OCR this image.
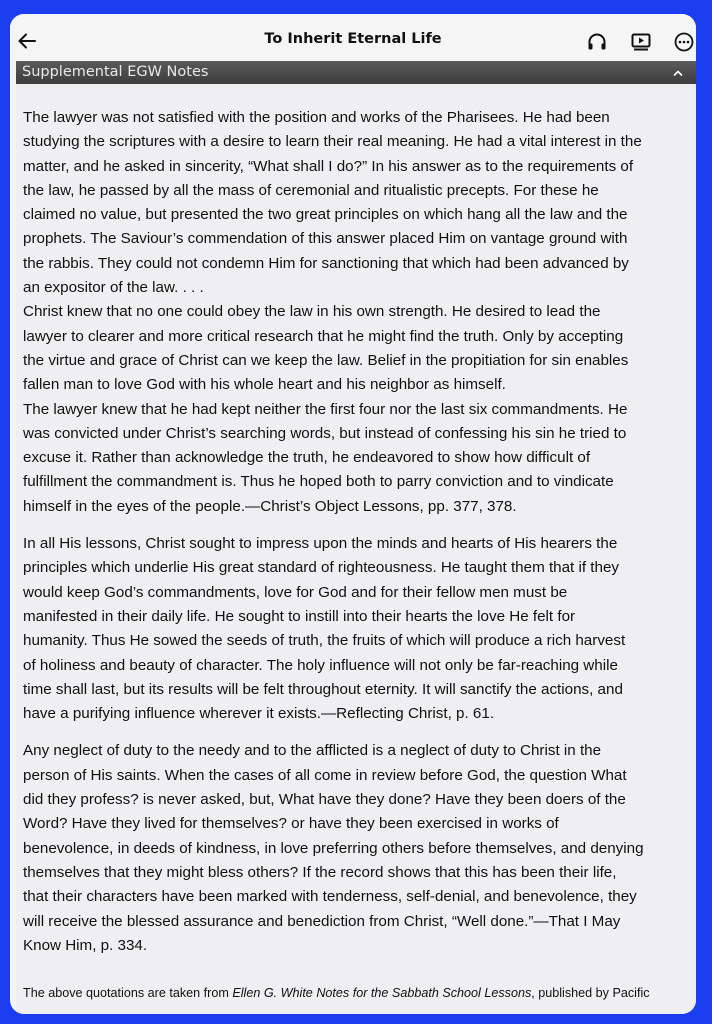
To Inherit Eternal Life
Supplemental EGW Notes

The lawyer was not satisfied with the position and works of the Pharisees. He had been
studying the scriptures with a desire to learn their real meaning. He had a vital interest in the
matter, and he asked in sincerity, “What shall I do?” In his answer as to the requirements of
the law, he passed by all the mass of ceremonial and ritualistic precepts. For these he
claimed no value, but presented the two great principles on which hang all the law and the
prophets. The Saviour’s commendation of this answer placed Him on vantage ground with
the rabbis. They could not condemn Him for sanctioning that which had been advanced by
an expositor of the law. . . .
Christ knew that no one could obey the law in his own strength. He desired to lead the
lawyer to clearer and more critical research that he might find the truth. Only by accepting
the virtue and grace of Christ can we keep the law. Belief in the propitiation for sin enables
fallen man to love God with his whole heart and his neighbor as himself.
The lawyer knew that he had kept neither the first four nor the last six commandments. He
was convicted under Christ’s searching words, but instead of confessing his sin he tried to
excuse it. Rather than acknowledge the truth, he endeavored to show how difficult of
fulfillment the commandment is. Thus he hoped both to parry conviction and to vindicate
himself in the eyes of the people.—Christ’s Object Lessons, pp. 377, 378.

In all His lessons, Christ sought to impress upon the minds and hearts of His hearers the
principles which underlie His great standard of righteousness. He taught them that if they
would keep God’s commandments, love for God and for their fellow men must be
manifested in their daily life. He sought to instill into their hearts the love He felt for
humanity. Thus He sowed the seeds of truth, the fruits of which will produce a rich harvest
of holiness and beauty of character. The holy influence will not only be far-reaching while
time shall last, but its results will be felt throughout eternity. It will sanctify the actions, and
have a purifying influence wherever it exists.—Reflecting Christ, p. 61.

Any neglect of duty to the needy and to the afflicted is a neglect of duty to Christ in the
person of His saints. When the cases of all come in review before God, the question What
did they profess? is never asked, but, What have they done? Have they been doers of the
Word? Have they lived for themselves? or have they been exercised in works of
benevolence, in deeds of kindness, in love preferring others before themselves, and denying
themselves that they might bless others? If the record shows that this has been their life,
that their characters have been marked with tenderness, self-denial, and benevolence, they
will receive the blessed assurance and benediction from Christ, “Well done.”—That I May
Know Him, p. 334.

The above quotations are taken from Ellen G. White Notes for the Sabbath School Lessons, published by Pacific
